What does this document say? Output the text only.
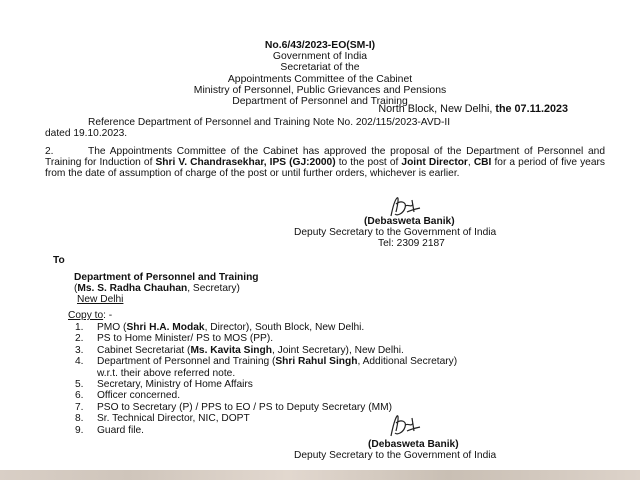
No.6/43/2023-EO(SM-I)
Government of India
Secretariat of the
Appointments Committee of the Cabinet
Ministry of Personnel, Public Grievances and Pensions
Department of Personnel and Training
North Block, New Delhi, the 07.11.2023
Reference Department of Personnel and Training Note No. 202/115/2023-AVD-II
dated 19.10.2023.
2.	The Appointments Committee of the Cabinet has approved the proposal of the Department of Personnel and Training for Induction of Shri V. Chandrasekhar, IPS (GJ:2000) to the post of Joint Director, CBI for a period of five years from the date of assumption of charge of the post or until further orders, whichever is earlier.
(Debasweta Banik)
Deputy Secretary to the Government of India
Tel: 2309 2187
To
Department of Personnel and Training
(Ms. S. Radha Chauhan, Secretary)
New Delhi
Copy to: -
1. PMO (Shri H.A. Modak, Director), South Block, New Delhi.
2. PS to Home Minister/ PS to MOS (PP).
3. Cabinet Secretariat (Ms. Kavita Singh, Joint Secretary), New Delhi.
4. Department of Personnel and Training (Shri Rahul Singh, Additional Secretary)
w.r.t. their above referred note.
5. Secretary, Ministry of Home Affairs
6. Officer concerned.
7. PSO to Secretary (P) / PPS to EO / PS to Deputy Secretary (MM)
8. Sr. Technical Director, NIC, DOPT
9. Guard file.
(Debasweta Banik)
Deputy Secretary to the Government of India
